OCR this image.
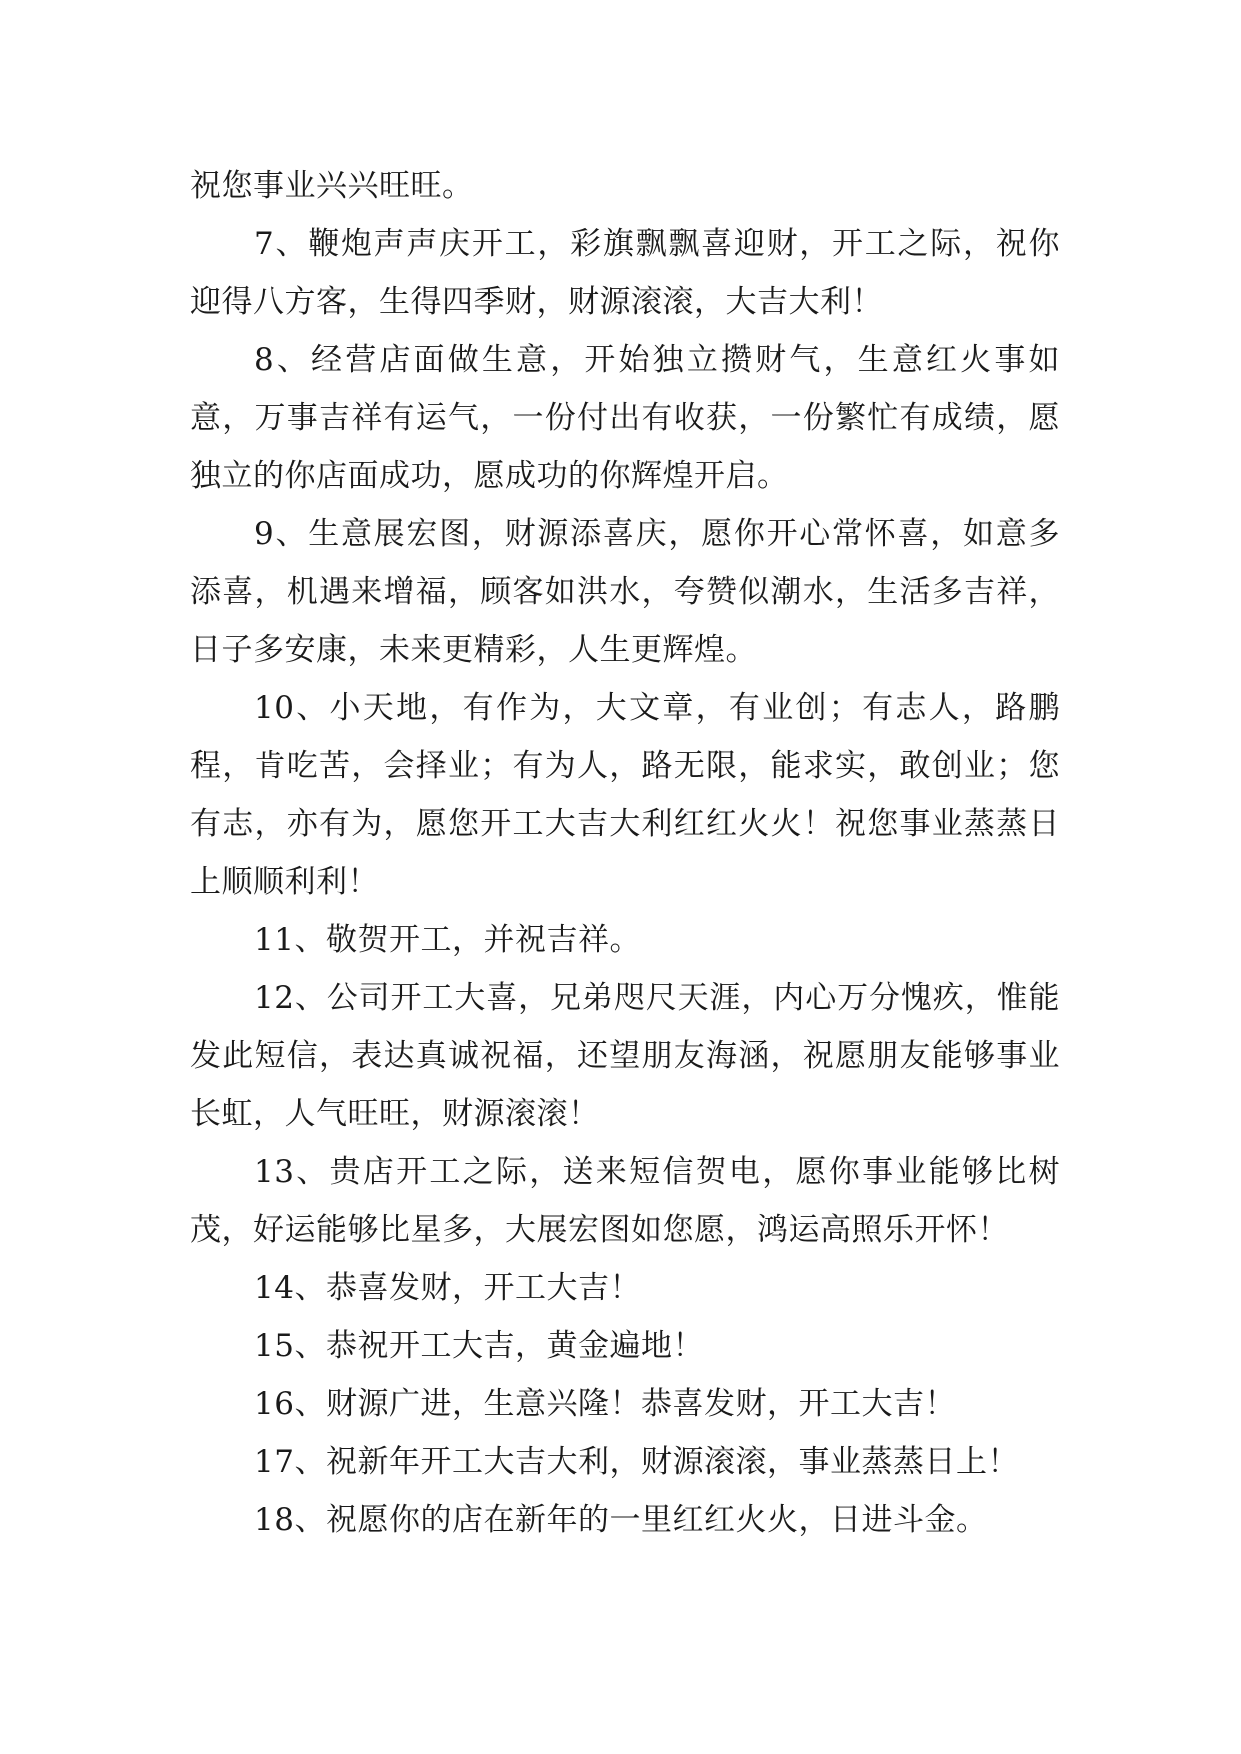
祝您事业兴兴旺旺。

7、鞭炮声声庆开工，彩旗飘飘喜迎财，开工之际，祝你迎得八方客，生得四季财，财源滚滚，大吉大利！

8、经营店面做生意，开始独立攒财气，生意红火事如意，万事吉祥有运气，一份付出有收获，一份繁忙有成绩，愿独立的你店面成功，愿成功的你辉煌开启。

9、生意展宏图，财源添喜庆，愿你开心常怀喜，如意多添喜，机遇来增福，顾客如洪水，夸赞似潮水，生活多吉祥，日子多安康，未来更精彩，人生更辉煌。

10、小天地，有作为，大文章，有业创；有志人，路鹏程，肯吃苦，会择业；有为人，路无限，能求实，敢创业；您有志，亦有为，愿您开工大吉大利红红火火！祝您事业蒸蒸日上顺顺利利！

11、敬贺开工，并祝吉祥。

12、公司开工大喜，兄弟咫尺天涯，内心万分愧疚，惟能发此短信，表达真诚祝福，还望朋友海涵，祝愿朋友能够事业长虹，人气旺旺，财源滚滚！

13、贵店开工之际，送来短信贺电，愿你事业能够比树茂，好运能够比星多，大展宏图如您愿，鸿运高照乐开怀！

14、恭喜发财，开工大吉！

15、恭祝开工大吉，黄金遍地！

16、财源广进，生意兴隆！恭喜发财，开工大吉！

17、祝新年开工大吉大利，财源滚滚，事业蒸蒸日上！

18、祝愿你的店在新年的一里红红火火，日进斗金。
